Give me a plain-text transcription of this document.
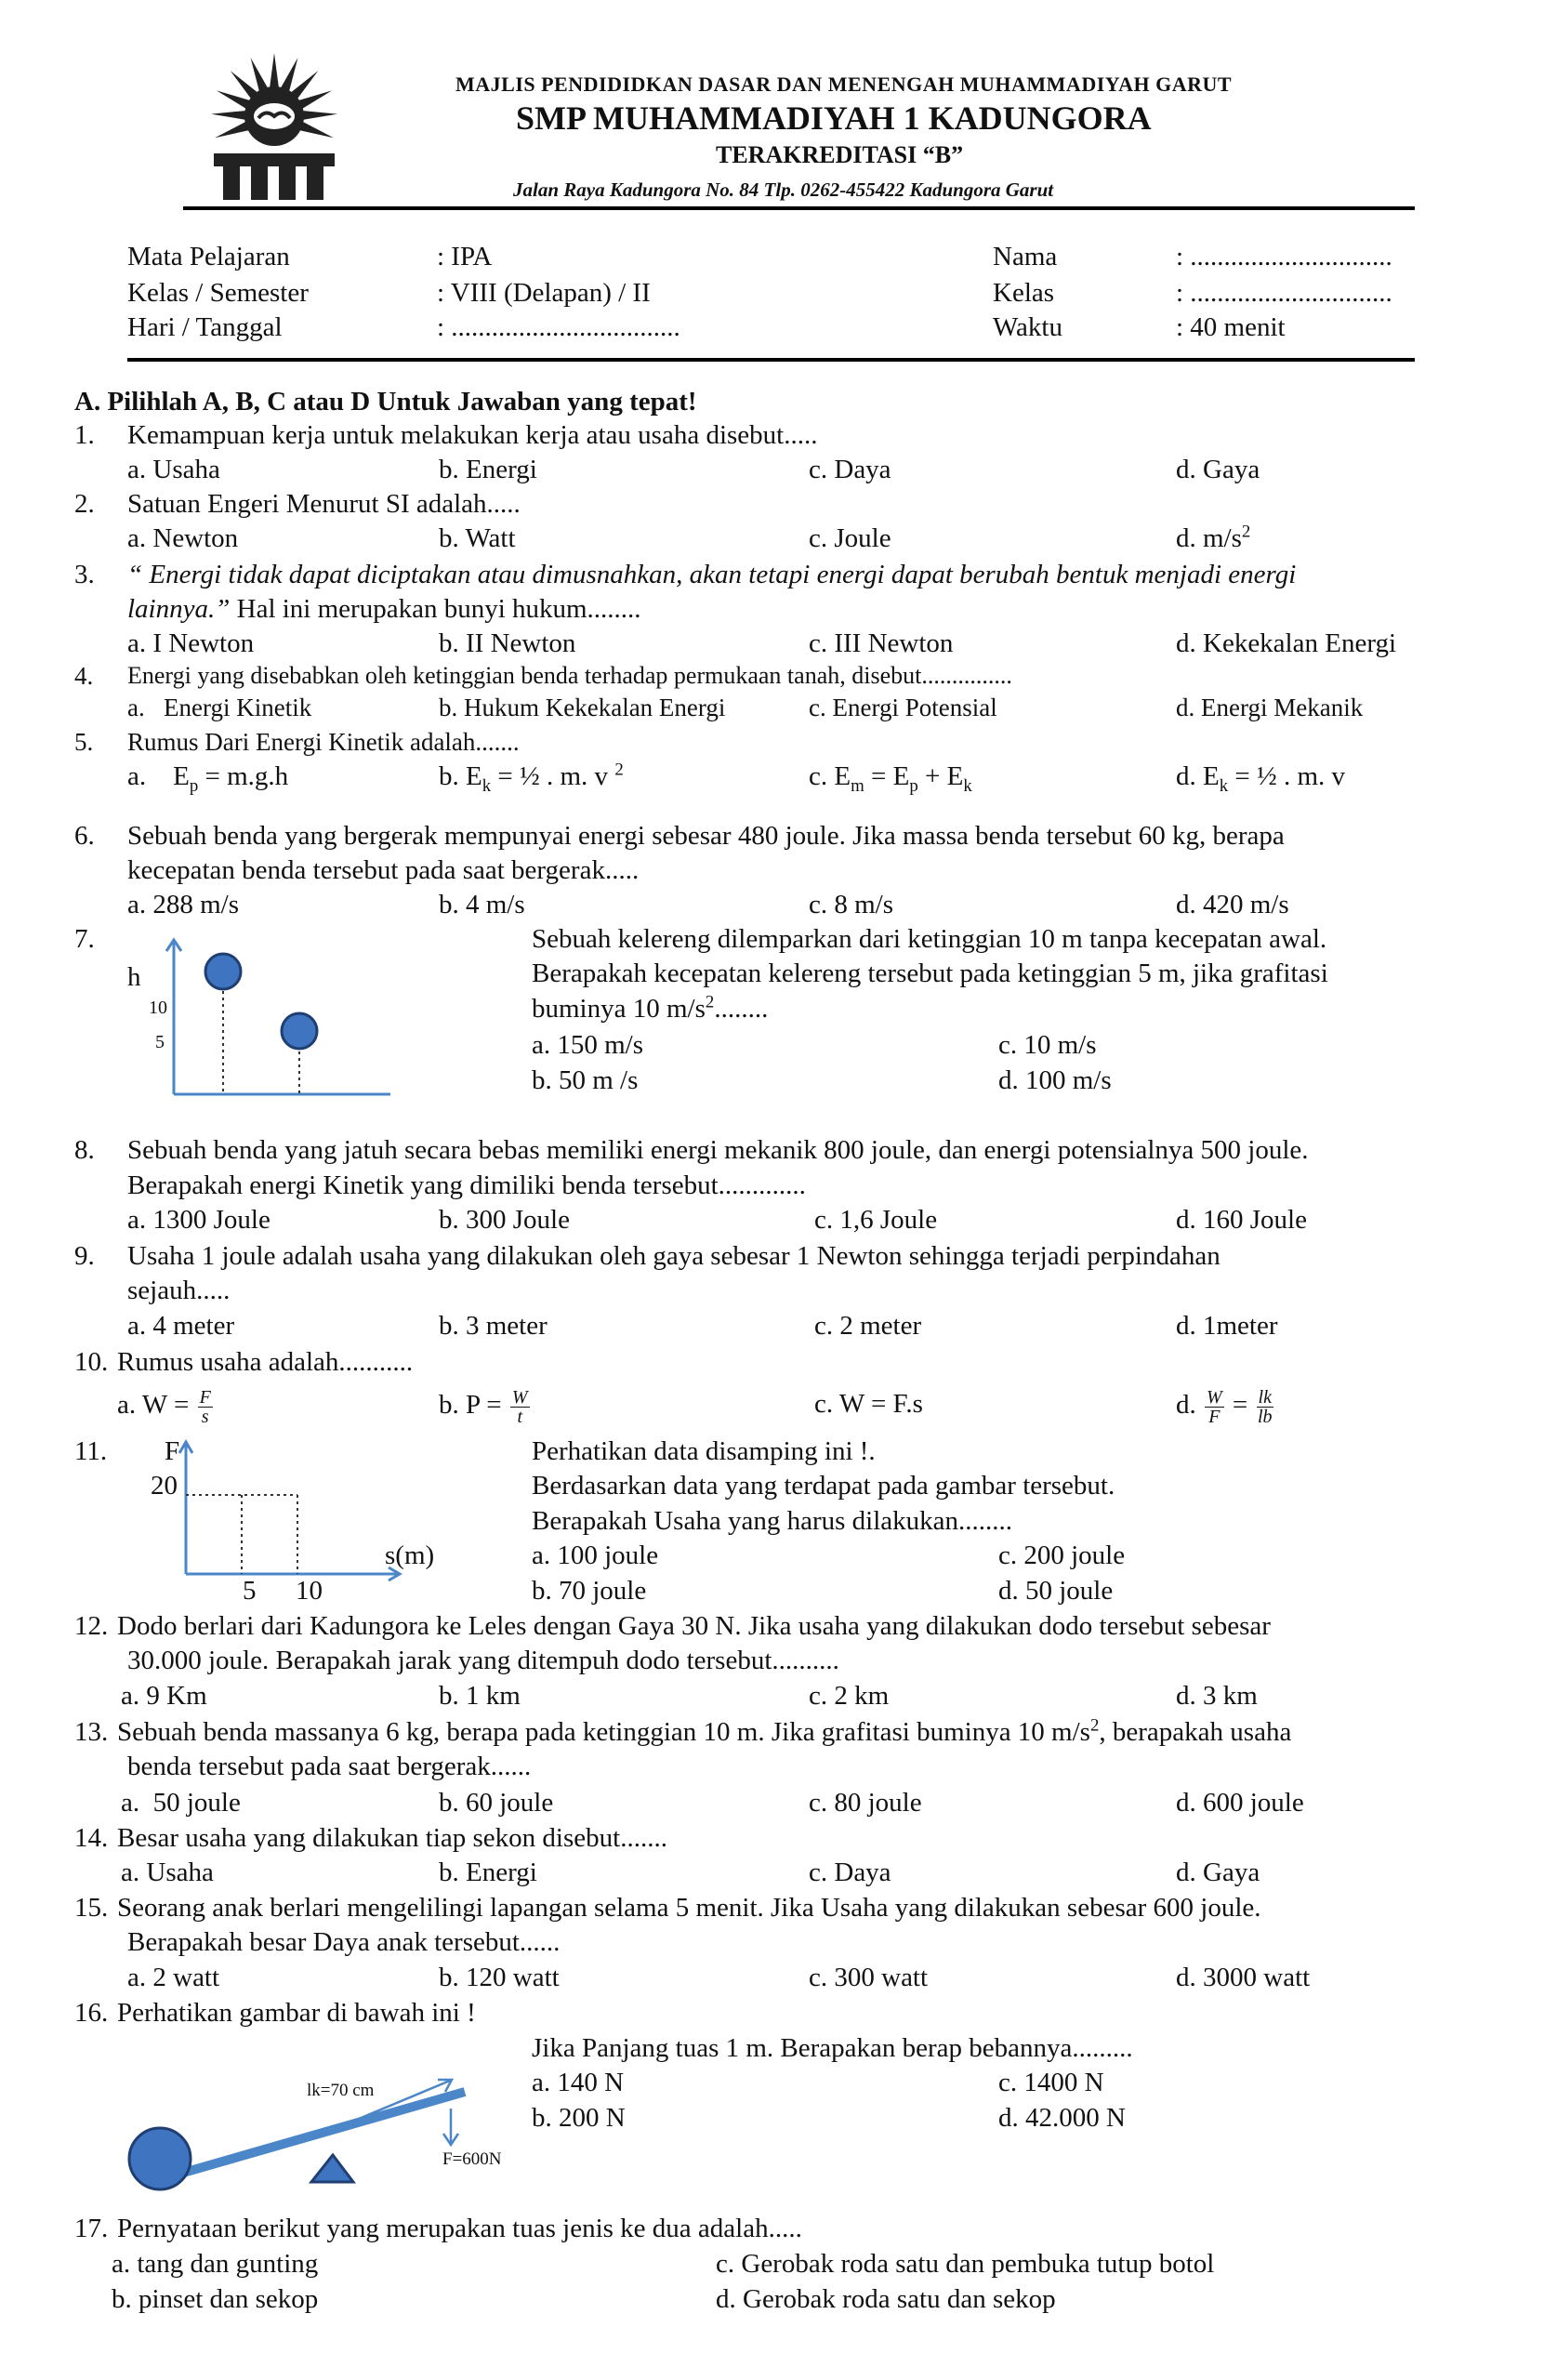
MAJLIS PENDIDIDKAN DASAR DAN MENENGAH MUHAMMADIYAH GARUT
SMP MUHAMMADIYAH 1 KADUNGORA
TERAKREDITASI “B”
Jalan Raya Kadungora No. 84 Tlp. 0262-455422 Kadungora Garut
Mata Pelajaran	: IPA
Kelas / Semester	: VIII (Delapan) / II
Hari / Tanggal	: ..................................
Nama	: ..............................
Kelas	: ..............................
Waktu	: 40 menit
A. Pilihlah A, B, C atau D Untuk Jawaban yang tepat!
1. Kemampuan kerja untuk melakukan kerja atau usaha disebut.....
a. Usaha	b. Energi	c. Daya	d. Gaya
2. Satuan Engeri Menurut SI adalah.....
a. Newton	b. Watt	c. Joule	d. $m/s^2$
3. “ Energi tidak dapat diciptakan atau dimusnahkan, akan tetapi energi dapat berubah bentuk menjadi energi
lainnya.” Hal ini merupakan bunyi hukum........
a. I Newton	b. II Newton	c. III Newton	d. Kekekalan Energi
4. Energi yang disebabkan oleh ketinggian benda terhadap permukaan tanah, disebut...............
a.   Energi Kinetik	b. Hukum Kekekalan Energi	c. Energi Potensial	d. Energi Mekanik
5. Rumus Dari Energi Kinetik adalah.......
a.    $E_p = m.g.h$	b. $E_k$ = ½ . m. v $^2$	c. $E_m = E_p + E_k$	d. $E_k$ = ½ . m. v
6. Sebuah benda yang bergerak mempunyai energi sebesar 480 joule. Jika massa benda tersebut 60 kg, berapa
kecepatan benda tersebut pada saat bergerak.....
a. 288 m/s	b. 4 m/s	c. 8 m/s	d. 420 m/s
7.
h
10
5
Sebuah kelereng dilemparkan dari ketinggian 10 m tanpa kecepatan awal.
Berapakah kecepatan kelereng tersebut pada ketinggian 5 m, jika grafitasi
buminya 10 $m/s^2$........
a. 150 m/s
b. 50 m /s
c. 10 m/s
d. 100 m/s
8. Sebuah benda yang jatuh secara bebas memiliki energi mekanik 800 joule, dan energi potensialnya 500 joule.
Berapakah energi Kinetik yang dimiliki benda tersebut.............
a. 1300 Joule	b. 300 Joule	c. 1,6 Joule	d. 160 Joule
9. Usaha 1 joule adalah usaha yang dilakukan oleh gaya sebesar 1 Newton sehingga terjadi perpindahan
sejauh.....
a. 4 meter	b. 3 meter	c. 2 meter	d. 1meter
10. Rumus usaha adalah...........
a. $W = \frac{F}{s}$	b. $P = \frac{W}{t}$	c. W = F.s	d. $\frac{W}{F} = \frac{lk}{lb}$
11. F
20
s(m)
5 10
Perhatikan data disamping ini !.
Berdasarkan data yang terdapat pada gambar tersebut.
Berapakah Usaha yang harus dilakukan........
a. 100 joule
b. 70 joule
c. 200 joule
d. 50 joule
12. Dodo berlari dari Kadungora ke Leles dengan Gaya 30 N. Jika usaha yang dilakukan dodo tersebut sebesar
30.000 joule. Berapakah jarak yang ditempuh dodo tersebut..........
a. 9 Km	b. 1 km	c. 2 km	d. 3 km
13. Sebuah benda massanya 6 kg, berapa pada ketinggian 10 m. Jika grafitasi buminya 10 $m/s^2$, berapakah usaha
benda tersebut pada saat bergerak......
a.  50 joule	b. 60 joule	c. 80 joule	d. 600 joule
14. Besar usaha yang dilakukan tiap sekon disebut.......
a. Usaha	b. Energi	c. Daya	d. Gaya
15. Seorang anak berlari mengelilingi lapangan selama 5 menit. Jika Usaha yang dilakukan sebesar 600 joule.
Berapakah besar Daya anak tersebut......
a. 2 watt	b. 120 watt	c. 300 watt	d. 3000 watt
16. Perhatikan gambar di bawah ini !
Jika Panjang tuas 1 m. Berapakan berap bebannya.........
a. 140 N
b. 200 N
c. 1400 N
d. 42.000 N
lk=70 cm
F=600N
17. Pernyataan berikut yang merupakan tuas jenis ke dua adalah.....
a. tang dan gunting
b. pinset dan sekop
c. Gerobak roda satu dan pembuka tutup botol
d. Gerobak roda satu dan sekop
